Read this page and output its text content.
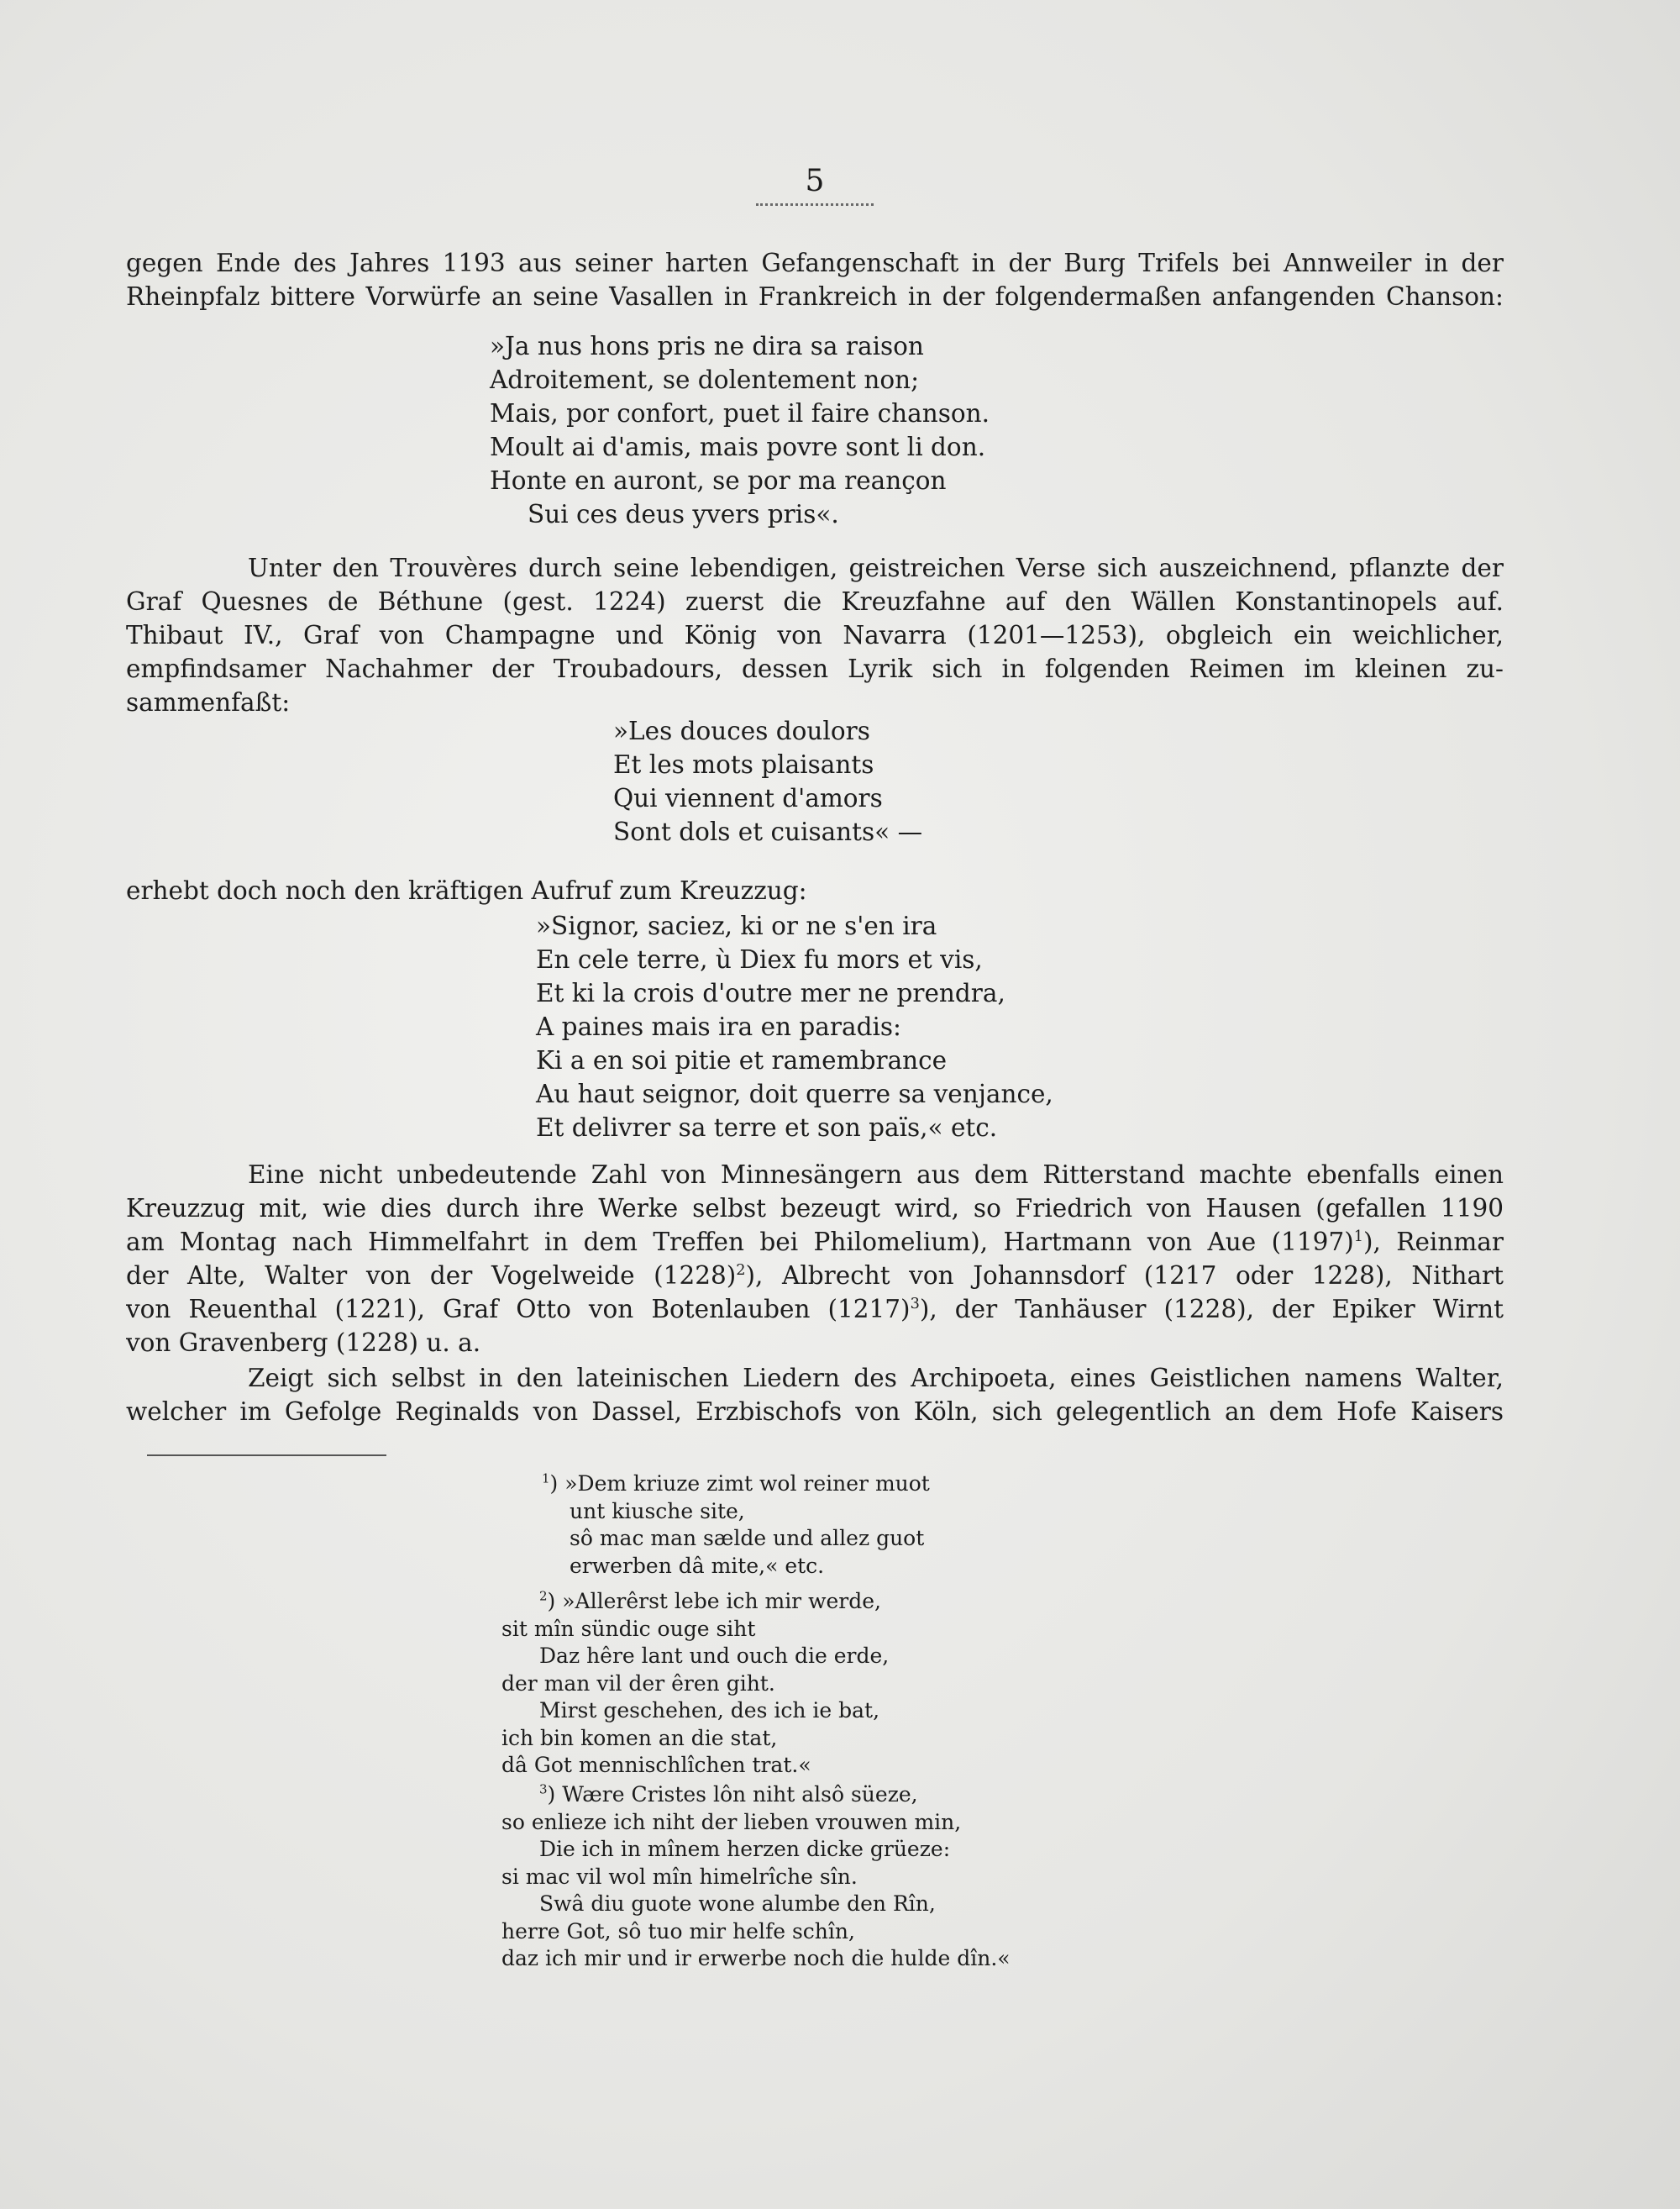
5
gegen Ende des Jahres 1193 aus seiner harten Gefangenschaft in der Burg Trifels bei Annweiler in der
Rheinpfalz bittere Vorwürfe an seine Vasallen in Frankreich in der folgendermaßen anfangenden Chanson:
»Ja nus hons pris ne dira sa raison
Adroitement, se dolentement non;
Mais, por confort, puet il faire chanson.
Moult ai d'amis, mais povre sont li don.
Honte en auront, se por ma reançon
Sui ces deus yvers pris«.
Unter den Trouvères durch seine lebendigen, geistreichen Verse sich auszeichnend, pflanzte der
Graf Quesnes de Béthune (gest. 1224) zuerst die Kreuzfahne auf den Wällen Konstantinopels auf.
Thibaut IV., Graf von Champagne und König von Navarra (1201—1253), obgleich ein weichlicher,
empfindsamer Nachahmer der Troubadours, dessen Lyrik sich in folgenden Reimen im kleinen zu-
sammenfaßt:
»Les douces doulors
Et les mots plaisants
Qui viennent d'amors
Sont dols et cuisants« —
erhebt doch noch den kräftigen Aufruf zum Kreuzzug:
»Signor, saciez, ki or ne s'en ira
En cele terre, ù Diex fu mors et vis,
Et ki la crois d'outre mer ne prendra,
A paines mais ira en paradis:
Ki a en soi pitie et ramembrance
Au haut seignor, doit querre sa venjance,
Et delivrer sa terre et son païs,« etc.
Eine nicht unbedeutende Zahl von Minnesängern aus dem Ritterstand machte ebenfalls einen
Kreuzzug mit, wie dies durch ihre Werke selbst bezeugt wird, so Friedrich von Hausen (gefallen 1190
am Montag nach Himmelfahrt in dem Treffen bei Philomelium), Hartmann von Aue $(1197)^1$), Reinmar
der Alte, Walter von der Vogelweide $(1228)^2$), Albrecht von Johannsdorf (1217 oder 1228), Nithart
von Reuenthal (1221), Graf Otto von Botenlauben $(1217)^3$), der Tanhäuser (1228), der Epiker Wirnt
von Gravenberg (1228) u. a.
Zeigt sich selbst in den lateinischen Liedern des Archipoeta, eines Geistlichen namens Walter,
welcher im Gefolge Reginalds von Dassel, Erzbischofs von Köln, sich gelegentlich an dem Hofe Kaisers
$^1$) »Dem kriuze zimt wol reiner muot
unt kiusche site,
sô mac man sælde und allez guot
erwerben dâ mite,« etc.
$^2$) »Allerêrst lebe ich mir werde,
sit mîn sündic ouge siht
Daz hêre lant und ouch die erde,
der man vil der êren giht.
Mirst geschehen, des ich ie bat,
ich bin komen an die stat,
dâ Got mennischlîchen trat.«
$^3$) Wære Cristes lôn niht alsô süeze,
so enlieze ich niht der lieben vrouwen min,
Die ich in mînem herzen dicke grüeze:
si mac vil wol mîn himelrîche sîn.
Swâ diu guote wone alumbe den Rîn,
herre Got, sô tuo mir helfe schîn,
daz ich mir und ir erwerbe noch die hulde dîn.«
